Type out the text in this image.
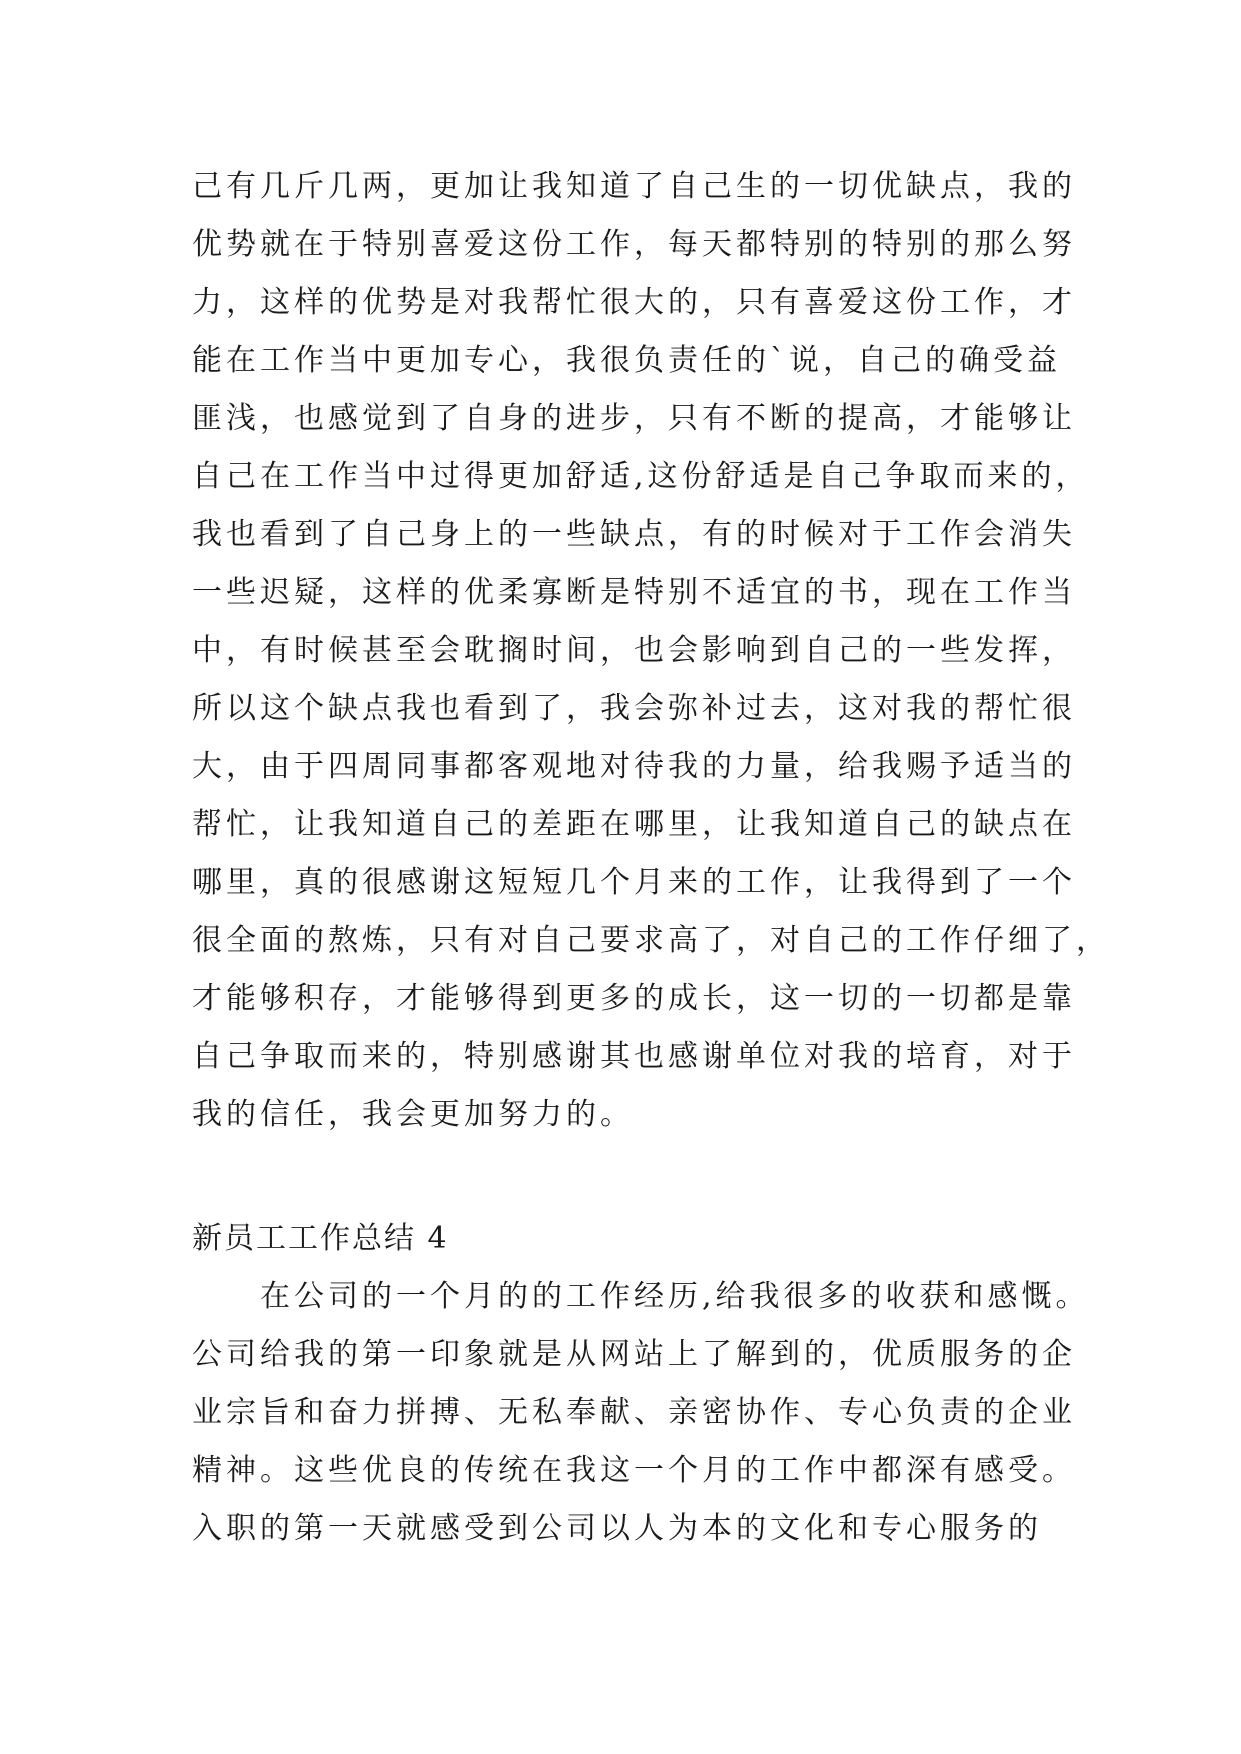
己有几斤几两，更加让我知道了自己生的一切优缺点，我的
优势就在于特别喜爱这份工作，每天都特别的特别的那么努
力，这样的优势是对我帮忙很大的，只有喜爱这份工作，才
能在工作当中更加专心，我很负责任的`说，自己的确受益
匪浅，也感觉到了自身的进步，只有不断的提高，才能够让
自己在工作当中过得更加舒适,这份舒适是自己争取而来的，
我也看到了自己身上的一些缺点，有的时候对于工作会消失
一些迟疑，这样的优柔寡断是特别不适宜的书，现在工作当
中，有时候甚至会耽搁时间，也会影响到自己的一些发挥，
所以这个缺点我也看到了，我会弥补过去，这对我的帮忙很
大，由于四周同事都客观地对待我的力量，给我赐予适当的
帮忙，让我知道自己的差距在哪里，让我知道自己的缺点在
哪里，真的很感谢这短短几个月来的工作，让我得到了一个
很全面的熬炼，只有对自己要求高了，对自己的工作仔细了，
才能够积存，才能够得到更多的成长，这一切的一切都是靠
自己争取而来的，特别感谢其也感谢单位对我的培育，对于
我的信任，我会更加努力的。
新员工工作总结 4
　　在公司的一个月的的工作经历,给我很多的收获和感慨。
公司给我的第一印象就是从网站上了解到的，优质服务的企
业宗旨和奋力拼搏、无私奉献、亲密协作、专心负责的企业
精神。这些优良的传统在我这一个月的工作中都深有感受。
入职的第一天就感受到公司以人为本的文化和专心服务的
